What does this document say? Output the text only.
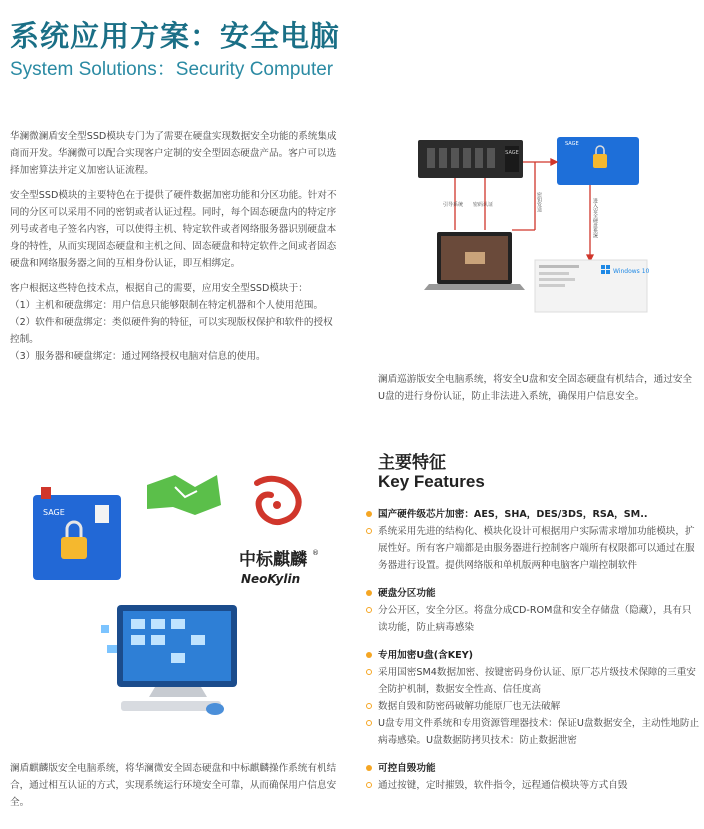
系统应用方案：安全电脑
System Solutions：Security Computer

华澜微澜盾安全型SSD模块专门为了需要在硬盘实现数据安全功能的系统集成商而开发。华澜微可以配合实现客户定制的安全型固态硬盘产品。客户可以选择加密算法并定义加密认证流程。

安全型SSD模块的主要特色在于提供了硬件数据加密功能和分区功能。针对不同的分区可以采用不同的密钥或者认证过程。同时，每个固态硬盘内的特定序列号或者电子签名内容，可以使得主机、特定软件或者网络服务器识别硬盘本身的特性，从而实现固态硬盘和主机之间、固态硬盘和特定软件之间或者固态硬盘和网络服务器之间的互相身份认证，即互相绑定。

客户根据这些特色技术点，根据自己的需要，应用安全型SSD模块于：

（1）主机和硬盘绑定：用户信息只能够限制在特定机器和个人使用范围。
（2）软件和硬盘绑定：类似硬件狗的特征，可以实现版权保护和软件的授权控制。
（3）服务器和硬盘绑定：通过网络授权电脑对信息的使用。
SAGE
SAGE
引导系统 密码认证	密钥发送	进入安全硬盘系统
Windows 10

澜盾巡游版安全电脑系统，将安全U盘和安全固态硬盘有机结合，通过安全U盘的进行身份认证，防止非法进入系统，确保用户信息安全。

SAGE
中标麒麟 ®
NeoKylin

澜盾麒麟版安全电脑系统，将华澜微安全固态硬盘和中标麒麟操作系统有机结合，通过相互认证的方式，实现系统运行环境安全可靠，从而确保用户信息安全。

主要特征
Key Features
国产硬件级芯片加密：AES，SHA，DES/3DS，RSA，SM..
系统采用先进的结构化、模块化设计可根据用户实际需求增加功能模块，扩展性好。所有客户端都是由服务器进行控制客户端所有权限都可以通过在服务器进行设置。提供网络版和单机版两种电脑客户端控制软件
硬盘分区功能
分公开区，安全分区。将盘分成CD-ROM盘和安全存储盘（隐藏），具有只读功能，防止病毒感染
专用加密U盘(含KEY)
采用国密SM4数据加密、按键密码身份认证、原厂芯片级技术保障的三重安全防护机制，数据安全性高、信任度高
数据自毁和防密码破解功能原厂也无法破解
U盘专用文件系统和专用资源管理器技术：保证U盘数据安全，主动性地防止病毒感染。U盘数据防拷贝技术：防止数据泄密
可控自毁功能
通过按键，定时摧毁，软件指令，远程通信模块等方式自毁
